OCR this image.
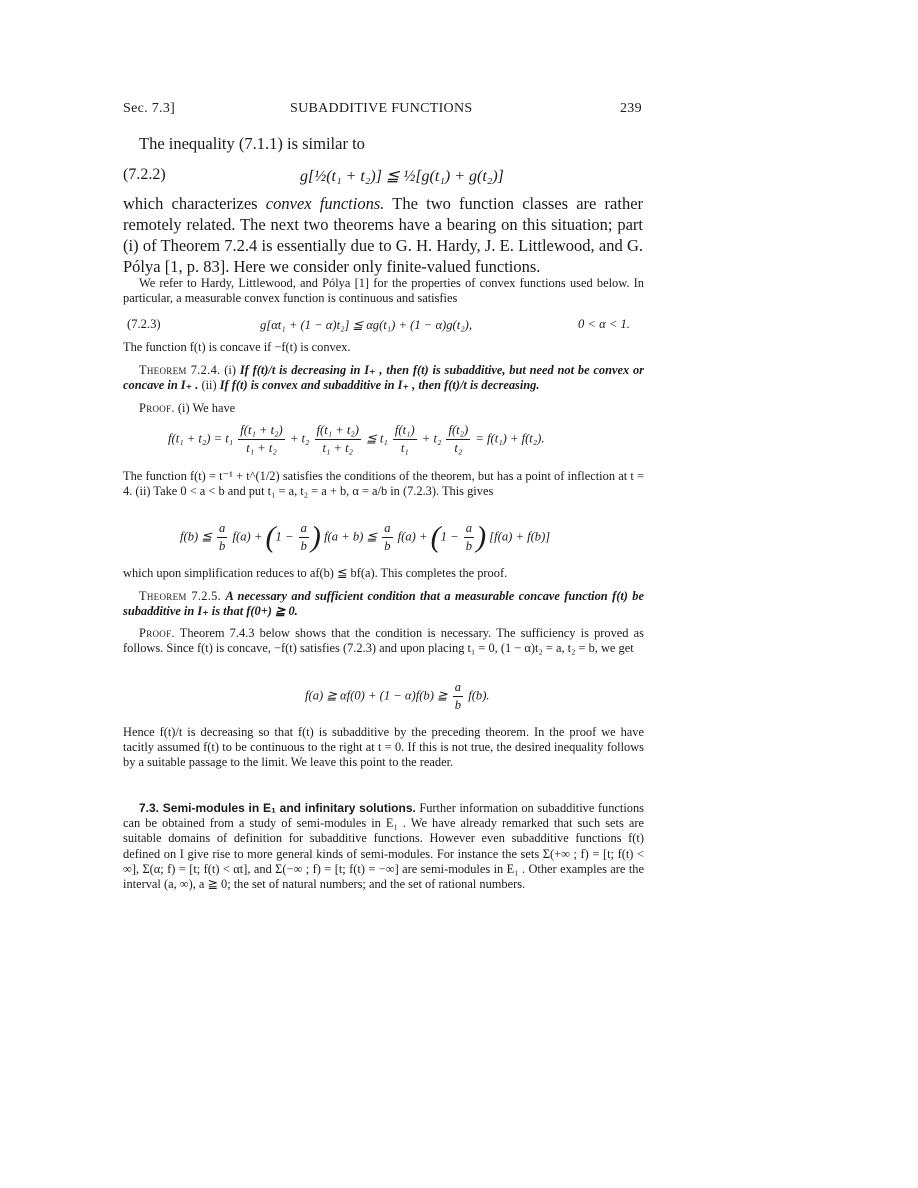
Sec. 7.3]	SUBADDITIVE FUNCTIONS	239
The inequality (7.1.1) is similar to
(7.2.2)	g[½(t₁ + t₂)] ≦ ½[g(t₁) + g(t₂)]
which characterizes convex functions. The two function classes are rather remotely related. The next two theorems have a bearing on this situation; part (i) of Theorem 7.2.4 is essentially due to G. H. Hardy, J. E. Littlewood, and G. Pólya [1, p. 83]. Here we consider only finite-valued functions.
We refer to Hardy, Littlewood, and Pólya [1] for the properties of convex functions used below. In particular, a measurable convex function is continuous and satisfies
(7.2.3)	g[αt₁ + (1 − α)t₂] ≦ αg(t₁) + (1 − α)g(t₂),	0 < α < 1.
The function f(t) is concave if −f(t) is convex.
Theorem 7.2.4. (i) If f(t)/t is decreasing in I₊ , then f(t) is subadditive, but need not be convex or concave in I₊ . (ii) If f(t) is convex and subadditive in I₊ , then f(t)/t is decreasing.
Proof. (i) We have
$f(t_1 + t_2) = t_1 \frac{\text{f(t₁ + t₂)}}{\text{t₁ + t₂}} + t_2 \frac{\text{f(t₁ + t₂)}}{\text{t₁ + t₂}}$ ≦ $t_1 \frac{\text{f(t₁)}}{\text{t₁}} + t_2 \frac{\text{f(t₂)}}{\text{t₂}} = f(t_1) + f(t_2)$.
The function f(t) = t⁻¹ + t^(1/2) satisfies the conditions of the theorem, but has a point of inflection at t = 4. (ii) Take 0 < a < b and put t₁ = a, t₂ = a + b, α = a/b in (7.2.3). This gives
f(b) ≦ $\frac{a}{b} f(a) + (1 - \frac{a}{b}$ ) f(a + b) ≦ $\frac{a}{b} f(a) + (1 - \frac{a}{b}$ ) [f(a) + f(b)]
which upon simplification reduces to af(b) ≦ bf(a). This completes the proof.
Theorem 7.2.5. A necessary and sufficient condition that a measurable concave function f(t) be subadditive in I₊ is that f(0+) ≧ 0.
Proof. Theorem 7.4.3 below shows that the condition is necessary. The sufficiency is proved as follows. Since f(t) is concave, −f(t) satisfies (7.2.3) and upon placing t₁ = 0, (1 − α)t₂ = a, t₂ = b, we get
f(a) ≧ αf(0) + (1 − α)f(b) ≧ $\frac{a}{b} f(b)$.
Hence f(t)/t is decreasing so that f(t) is subadditive by the preceding theorem. In the proof we have tacitly assumed f(t) to be continuous to the right at t = 0. If this is not true, the desired inequality follows by a suitable passage to the limit. We leave this point to the reader.
7.3. Semi-modules in E₁ and infinitary solutions. Further information on subadditive functions can be obtained from a study of semi-modules in E₁ . We have already remarked that such sets are suitable domains of definition for subadditive functions. However even subadditive functions f(t) defined on I give rise to more general kinds of semi-modules. For instance the sets Σ(+∞ ; f) = [t; f(t) < ∞], Σ(α; f) = [t; f(t) < αt], and Σ(−∞ ; f) = [t; f(t) = −∞] are semi-modules in E₁ . Other examples are the interval (a, ∞), a ≧ 0; the set of natural numbers; and the set of rational numbers.
